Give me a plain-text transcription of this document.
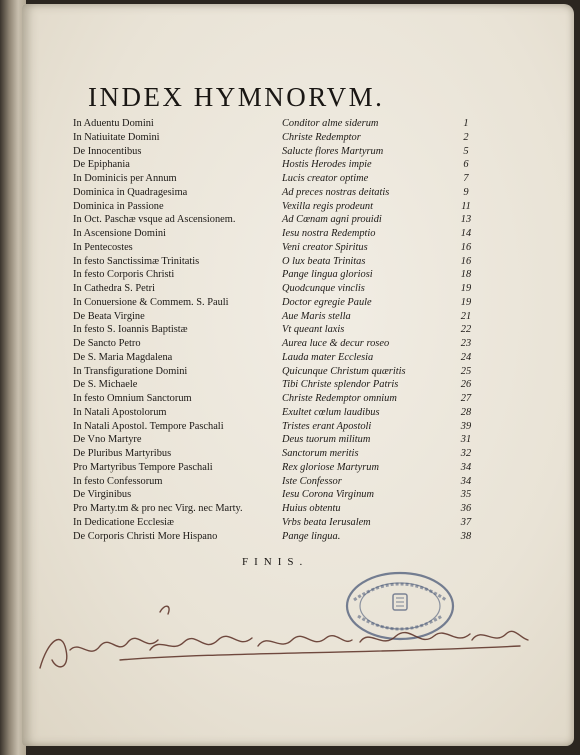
INDEX HYMNORVM.
In Aduentu Domini	Conditor alme siderum	1
In Natiuitate Domini	Christe Redemptor	2
De Innocentibus	Salucte flores Martyrum	5
De Epiphania	Hostis Herodes impie	6
In Dominicis per Annum	Lucis creator optime	7
Dominica in Quadragesima	Ad preces nostras deitatis	9
Dominica in Passione	Vexilla regis prodeunt	11
In Oct. Paschæ vsque ad Ascensionem.	Ad Cœnam agni prouidi	13
In Ascensione Domini	Iesu nostra Redemptio	14
In Pentecostes	Veni creator Spiritus	16
In festo Sanctissimæ Trinitatis	O lux beata Trinitas	16
In festo Corporis Christi	Pange lingua gloriosi	18
In Cathedra S. Petri	Quodcunque vinclis	19
In Conuersione & Commem. S. Pauli	Doctor egregie Paule	19
De Beata Virgine	Aue Maris stella	21
In festo S. Ioannis Baptistæ	Vt queant laxis	22
De Sancto Petro	Aurea luce & decur roseo	23
De S. Maria Magdalena	Lauda mater Ecclesia	24
In Transfiguratione Domini	Quicunque Christum quæritis	25
De S. Michaele	Tibi Christe splendor Patris	26
In festo Omnium Sanctorum	Christe Redemptor omnium	27
In Natali Apostolorum	Exultet cœlum laudibus	28
In Natali Apostol. Tempore Paschali	Tristes erant Apostoli	39
De Vno Martyre	Deus tuorum militum	31
De Pluribus Martyribus	Sanctorum meritis	32
Pro Martyribus Tempore Paschali	Rex gloriose Martyrum	34
In festo Confessorum	Iste Confessor	34
De Virginibus	Iesu Corona Virginum	35
Pro Marty.tm & pro nec Virg. nec Marty.	Huius obtentu	36
In Dedicatione Ecclesiæ	Vrbs beata Ierusalem	37
De Corporis Christi More Hispano	Pange lingua.	38
FINIS.
